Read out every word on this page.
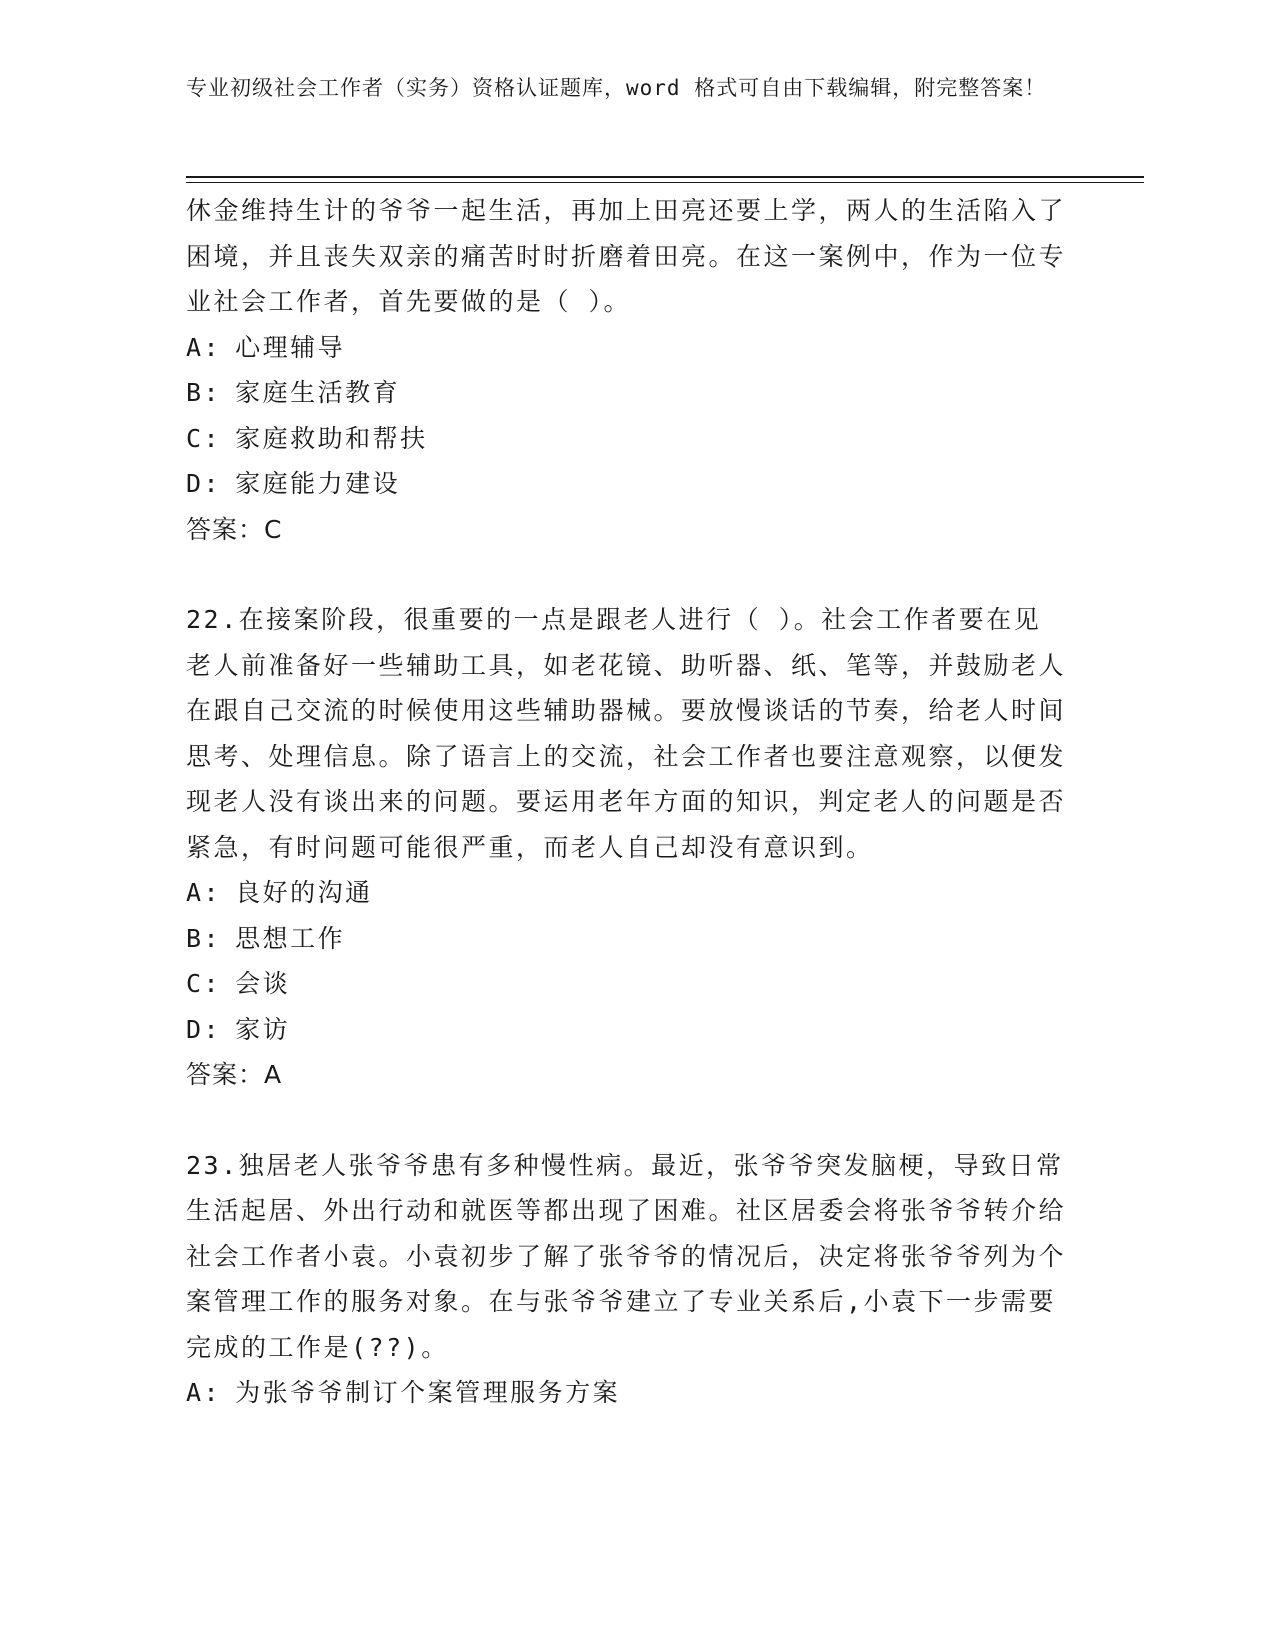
专业初级社会工作者（实务）资格认证题库，word 格式可自由下载编辑，附完整答案！

休金维持生计的爷爷一起生活，再加上田亮还要上学，两人的生活陷入了困境，并且丧失双亲的痛苦时时折磨着田亮。在这一案例中，作为一位专业社会工作者，首先要做的是（ ）。

A: 心理辅导

B: 家庭生活教育

C: 家庭救助和帮扶

D: 家庭能力建设

答案：C

22.在接案阶段，很重要的一点是跟老人进行（ ）。社会工作者要在见老人前准备好一些辅助工具，如老花镜、助听器、纸、笔等，并鼓励老人在跟自己交流的时候使用这些辅助器械。要放慢谈话的节奏，给老人时间思考、处理信息。除了语言上的交流，社会工作者也要注意观察，以便发现老人没有谈出来的问题。要运用老年方面的知识，判定老人的问题是否紧急，有时问题可能很严重，而老人自己却没有意识到。

A: 良好的沟通

B: 思想工作

C: 会谈

D: 家访

答案：A

23.独居老人张爷爷患有多种慢性病。最近，张爷爷突发脑梗，导致日常生活起居、外出行动和就医等都出现了困难。社区居委会将张爷爷转介给社会工作者小袁。小袁初步了解了张爷爷的情况后，决定将张爷爷列为个案管理工作的服务对象。在与张爷爷建立了专业关系后,小袁下一步需要完成的工作是(??)。

A: 为张爷爷制订个案管理服务方案
